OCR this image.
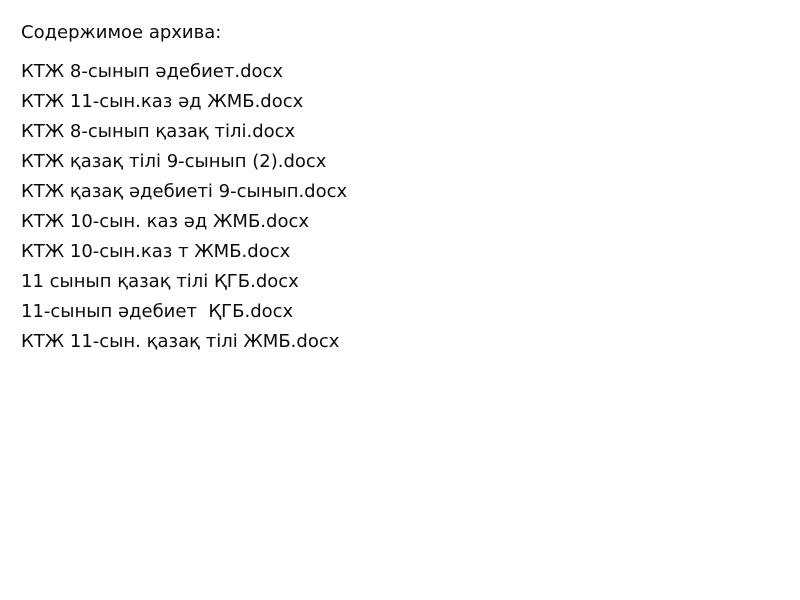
Содержимое архива:

КТЖ 8-сынып әдебиет.docx
КТЖ 11-сын.каз әд ЖМБ.docx
КТЖ 8-сынып қазақ тілі.docx
КТЖ қазақ тілі 9-сынып (2).docx
КТЖ қазақ әдебиеті 9-сынып.docx
КТЖ 10-сын. каз әд ЖМБ.docx
КТЖ 10-сын.каз т ЖМБ.docx
11 сынып қазақ тілі ҚГБ.docx
11-сынып әдебиет  ҚГБ.docx
КТЖ 11-сын. қазақ тілі ЖМБ.docx
